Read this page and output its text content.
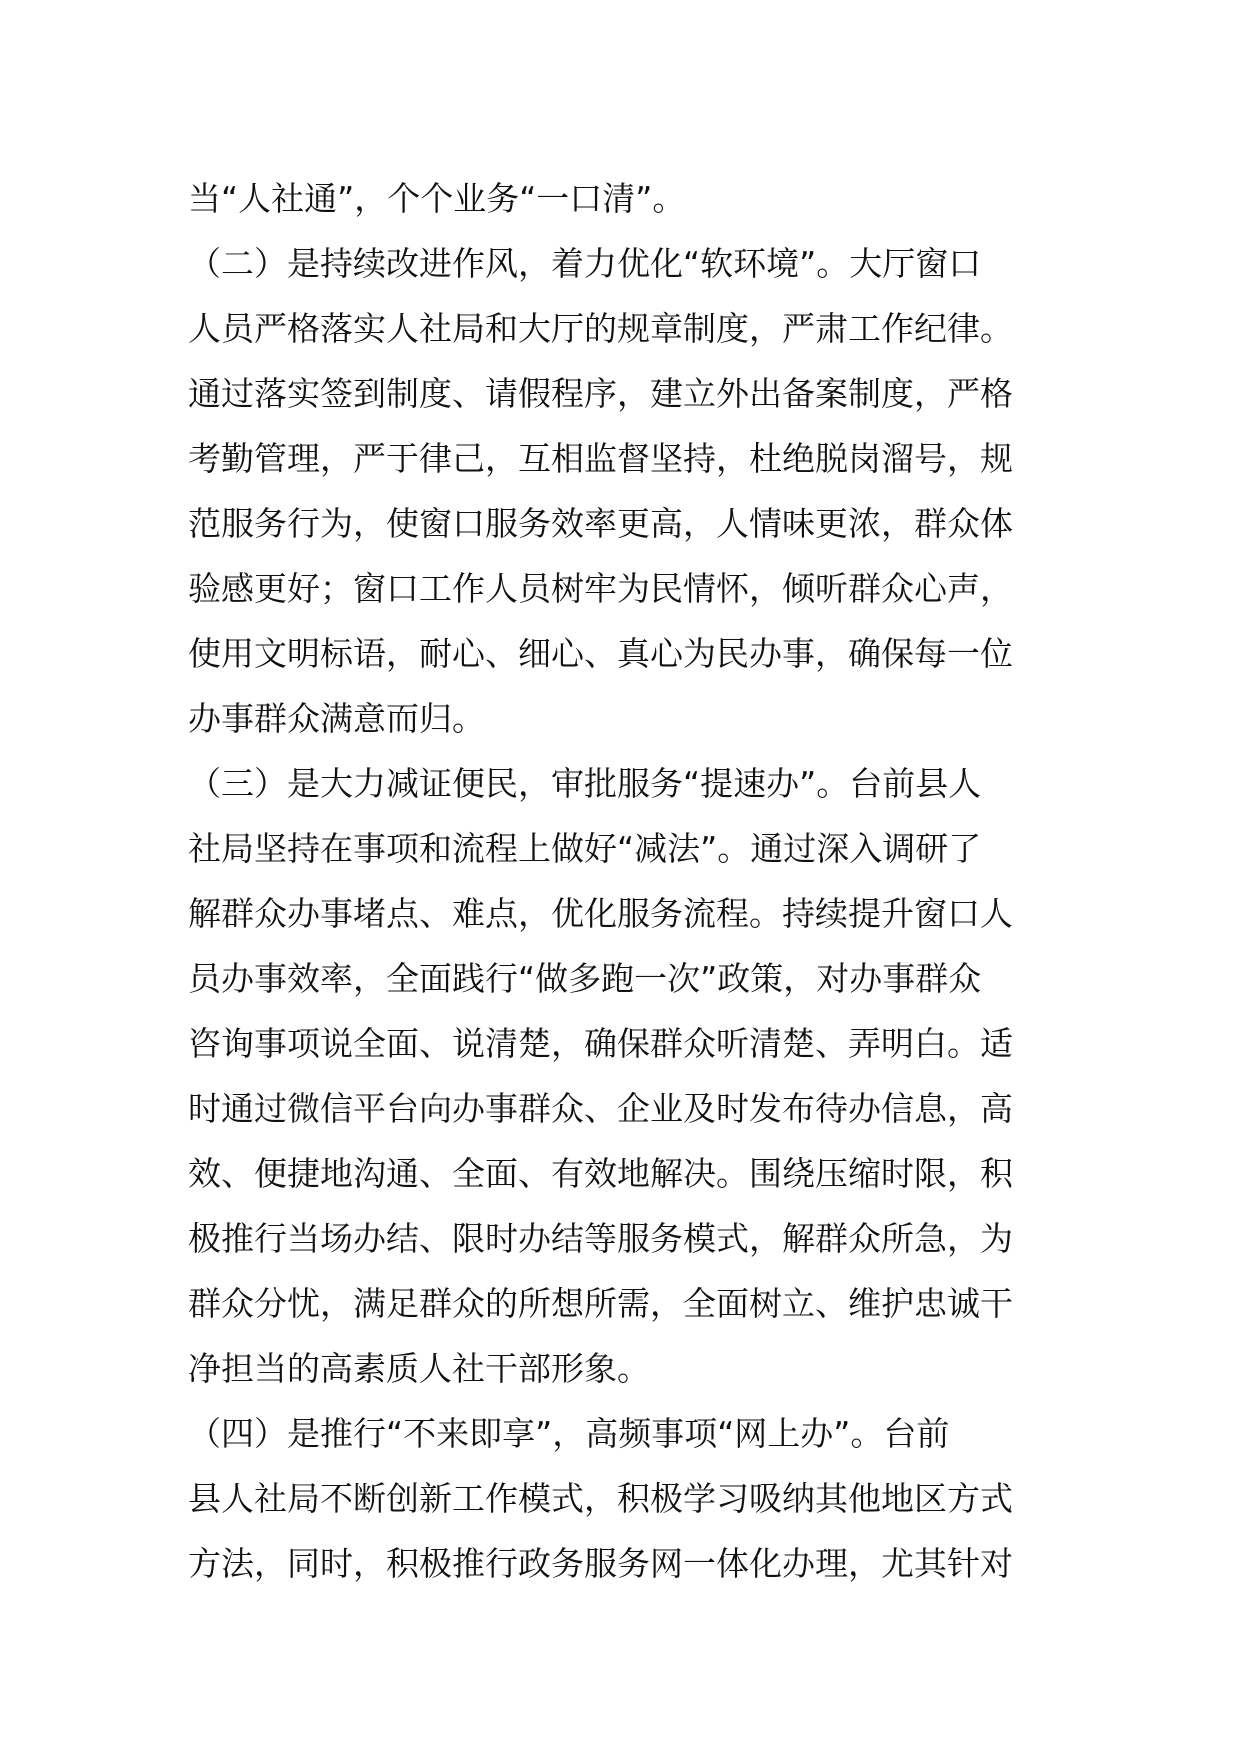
当“人社通”，个个业务“一口清”。
（二）是持续改进作风，着力优化“软环境”。大厅窗口
人员严格落实人社局和大厅的规章制度，严肃工作纪律。
通过落实签到制度、请假程序，建立外出备案制度，严格
考勤管理，严于律己，互相监督坚持，杜绝脱岗溜号，规
范服务行为，使窗口服务效率更高，人情味更浓，群众体
验感更好；窗口工作人员树牢为民情怀，倾听群众心声，
使用文明标语，耐心、细心、真心为民办事，确保每一位
办事群众满意而归。
（三）是大力减证便民，审批服务“提速办”。台前县人
社局坚持在事项和流程上做好“减法”。通过深入调研了
解群众办事堵点、难点，优化服务流程。持续提升窗口人
员办事效率，全面践行“做多跑一次”政策，对办事群众
咨询事项说全面、说清楚，确保群众听清楚、弄明白。适
时通过微信平台向办事群众、企业及时发布待办信息，高
效、便捷地沟通、全面、有效地解决。围绕压缩时限，积
极推行当场办结、限时办结等服务模式，解群众所急，为
群众分忧，满足群众的所想所需，全面树立、维护忠诚干
净担当的高素质人社干部形象。
（四）是推行“不来即享”，高频事项“网上办”。台前
县人社局不断创新工作模式，积极学习吸纳其他地区方式
方法，同时，积极推行政务服务网一体化办理，尤其针对
